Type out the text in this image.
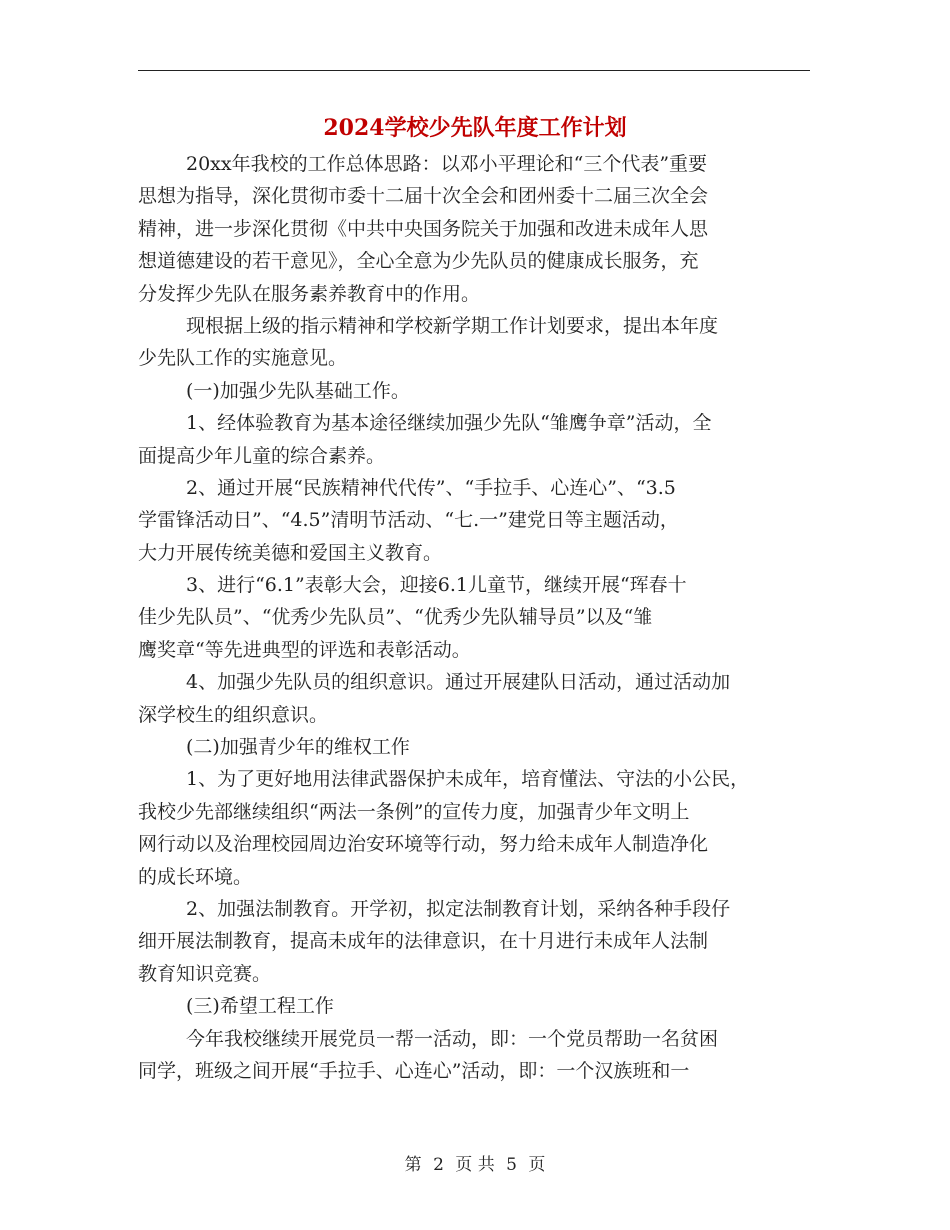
2024学校少先队年度工作计划
20xx年我校的工作总体思路：以邓小平理论和“三个代表”重要
思想为指导，深化贯彻市委十二届十次全会和团州委十二届三次全会
精神，进一步深化贯彻《中共中央国务院关于加强和改进未成年人思
想道德建设的若干意见》，全心全意为少先队员的健康成长服务，充
分发挥少先队在服务素养教育中的作用。
现根据上级的指示精神和学校新学期工作计划要求，提出本年度
少先队工作的实施意见。
(一)加强少先队基础工作。
1、经体验教育为基本途径继续加强少先队“雏鹰争章”活动，全
面提高少年儿童的综合素养。
2、通过开展“民族精神代代传”、“手拉手、心连心”、“3.5
学雷锋活动日”、“4.5”清明节活动、“七.一”建党日等主题活动，
大力开展传统美德和爱国主义教育。
3、进行“6.1”表彰大会，迎接6.1儿童节，继续开展“珲春十
佳少先队员”、“优秀少先队员”、“优秀少先队辅导员”以及“雏
鹰奖章“等先进典型的评选和表彰活动。
4、加强少先队员的组织意识。通过开展建队日活动，通过活动加
深学校生的组织意识。
(二)加强青少年的维权工作
1、为了更好地用法律武器保护未成年，培育懂法、守法的小公民，
我校少先部继续组织“两法一条例”的宣传力度，加强青少年文明上
网行动以及治理校园周边治安环境等行动，努力给未成年人制造净化
的成长环境。
2、加强法制教育。开学初，拟定法制教育计划，采纳各种手段仔
细开展法制教育，提高未成年的法律意识，在十月进行未成年人法制
教育知识竞赛。
(三)希望工程工作
今年我校继续开展党员一帮一活动，即：一个党员帮助一名贫困
同学，班级之间开展“手拉手、心连心”活动，即：一个汉族班和一
第 2 页 共 5 页
